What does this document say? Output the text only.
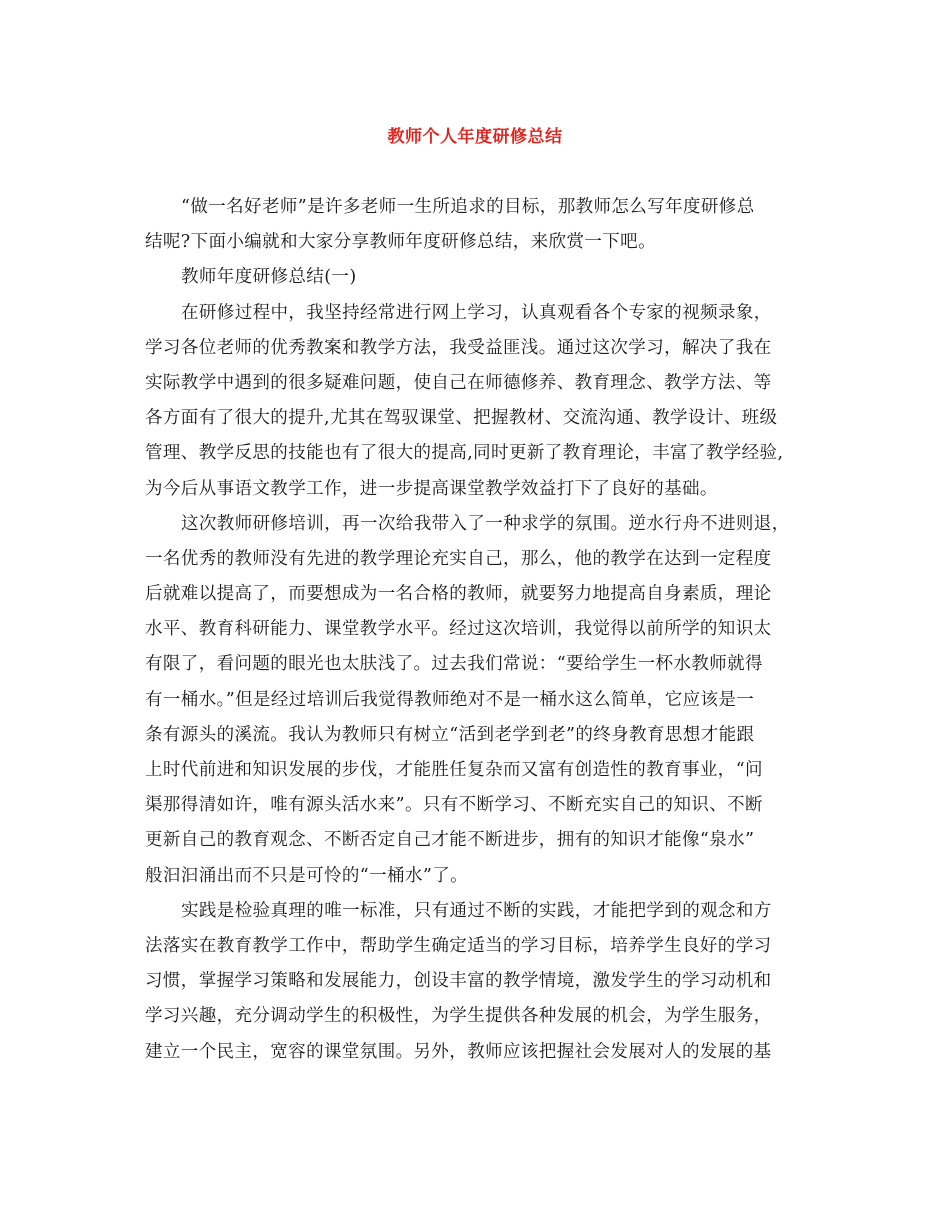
教师个人年度研修总结
“做一名好老师”是许多老师一生所追求的目标，那教师怎么写年度研修总
结呢?下面小编就和大家分享教师年度研修总结，来欣赏一下吧。
教师年度研修总结(一)
在研修过程中，我坚持经常进行网上学习，认真观看各个专家的视频录象，
学习各位老师的优秀教案和教学方法，我受益匪浅。通过这次学习，解决了我在
实际教学中遇到的很多疑难问题，使自己在师德修养、教育理念、教学方法、等
各方面有了很大的提升,尤其在驾驭课堂、把握教材、交流沟通、教学设计、班级
管理、教学反思的技能也有了很大的提高,同时更新了教育理论，丰富了教学经验,
为今后从事语文教学工作，进一步提高课堂教学效益打下了良好的基础。
这次教师研修培训，再一次给我带入了一种求学的氛围。逆水行舟不进则退，
一名优秀的教师没有先进的教学理论充实自己，那么，他的教学在达到一定程度
后就难以提高了，而要想成为一名合格的教师，就要努力地提高自身素质，理论
水平、教育科研能力、课堂教学水平。经过这次培训，我觉得以前所学的知识太
有限了，看问题的眼光也太肤浅了。过去我们常说：“要给学生一杯水教师就得
有一桶水。”但是经过培训后我觉得教师绝对不是一桶水这么简单，它应该是一
条有源头的溪流。我认为教师只有树立“活到老学到老”的终身教育思想才能跟
上时代前进和知识发展的步伐，才能胜任复杂而又富有创造性的教育事业，“问
渠那得清如许，唯有源头活水来”。只有不断学习、不断充实自己的知识、不断
更新自己的教育观念、不断否定自己才能不断进步，拥有的知识才能像“泉水”
般汩汩涌出而不只是可怜的“一桶水”了。
实践是检验真理的唯一标准，只有通过不断的实践，才能把学到的观念和方
法落实在教育教学工作中，帮助学生确定适当的学习目标，培养学生良好的学习
习惯，掌握学习策略和发展能力，创设丰富的教学情境，激发学生的学习动机和
学习兴趣，充分调动学生的积极性，为学生提供各种发展的机会，为学生服务，
建立一个民主，宽容的课堂氛围。另外，教师应该把握社会发展对人的发展的基
